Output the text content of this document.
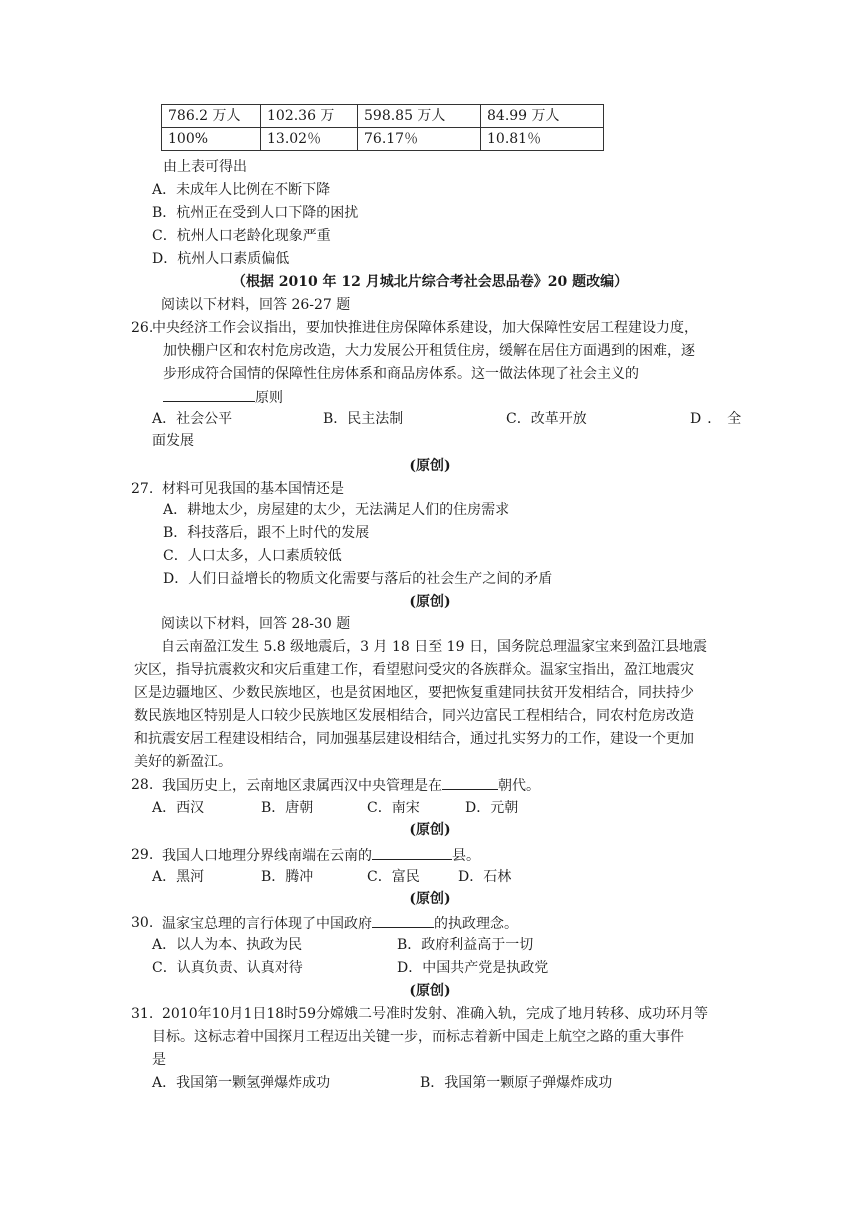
786.2 万人	102.36 万	598.85 万人	84.99 万人
100%	13.02％	76.17％	10.81％
由上表可得出
A．未成年人比例在不断下降
B．杭州正在受到人口下降的困扰
C．杭州人口老龄化现象严重
D．杭州人口素质偏低
（根据 2010 年 12 月城北片综合考社会思品卷》20 题改编）
阅读以下材料，回答 26-27 题
26.
中央经济工作会议指出，要加快推进住房保障体系建设，加大保障性安居工程建设力度，
加快棚户区和农村危房改造，大力发展公开租赁住房，缓解在居住方面遇到的困难，逐
步形成符合国情的保障性住房体系和商品房体系。这一做法体现了社会主义的
原则
A．社会公平	B．民主法制	C．改革开放	D．全
面发展
(原创)
27. 材料可见我国的基本国情还是
A．耕地太少，房屋建的太少，无法满足人们的住房需求
B．科技落后，跟不上时代的发展
C．人口太多，人口素质较低
D．人们日益增长的物质文化需要与落后的社会生产之间的矛盾
(原创)
阅读以下材料，回答 28-30 题
自云南盈江发生 5.8 级地震后，3 月 18 日至 19 日，国务院总理温家宝来到盈江县地震
灾区，指导抗震救灾和灾后重建工作，看望慰问受灾的各族群众。温家宝指出，盈江地震灾
区是边疆地区、少数民族地区，也是贫困地区，要把恢复重建同扶贫开发相结合，同扶持少
数民族地区特别是人口较少民族地区发展相结合，同兴边富民工程相结合，同农村危房改造
和抗震安居工程建设相结合，同加强基层建设相结合，通过扎实努力的工作，建设一个更加
美好的新盈江。
28. 我国历史上，云南地区隶属西汉中央管理是在	朝代。
A．西汉	B．唐朝	C．南宋	D．元朝
(原创)
29. 我国人口地理分界线南端在云南的	县。
A．黑河	B．腾冲	C．富民	D．石林
(原创)
30. 温家宝总理的言行体现了中国政府	的执政理念。
A．以人为本、执政为民	B．政府利益高于一切
C．认真负责、认真对待	D．中国共产党是执政党
(原创)
31. 2010年10月1日18时59分嫦娥二号准时发射、准确入轨，完成了地月转移、成功环月等
目标。这标志着中国探月工程迈出关键一步，而标志着新中国走上航空之路的重大事件
是
A．我国第一颗氢弹爆炸成功	B．我国第一颗原子弹爆炸成功
